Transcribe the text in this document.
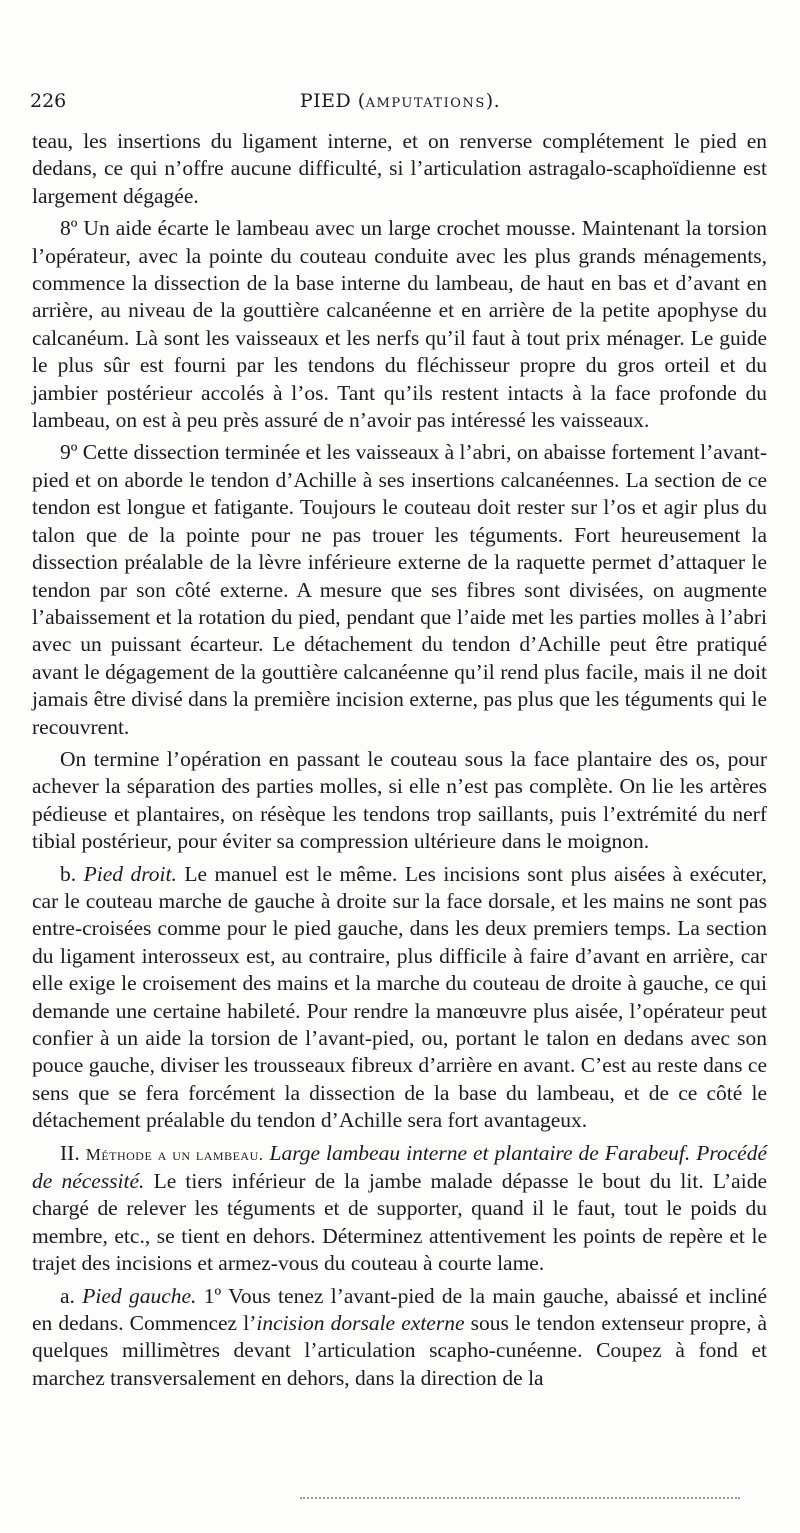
226	PIED (AMPUTATIONS).

teau, les insertions du ligament interne, et on renverse complétement le pied en dedans, ce qui n’offre aucune difficulté, si l’articulation astragalo-scaphoïdienne est largement dégagée.

8º Un aide écarte le lambeau avec un large crochet mousse. Maintenant la torsion l’opérateur, avec la pointe du couteau conduite avec les plus grands ménagements, commence la dissection de la base interne du lambeau, de haut en bas et d’avant en arrière, au niveau de la gouttière calcanéenne et en arrière de la petite apophyse du calcanéum. Là sont les vaisseaux et les nerfs qu’il faut à tout prix ménager. Le guide le plus sûr est fourni par les tendons du fléchisseur propre du gros orteil et du jambier postérieur accolés à l’os. Tant qu’ils restent intacts à la face profonde du lambeau, on est à peu près assuré de n’avoir pas intéressé les vaisseaux.

9º Cette dissection terminée et les vaisseaux à l’abri, on abaisse fortement l’avant-pied et on aborde le tendon d’Achille à ses insertions calcanéennes. La section de ce tendon est longue et fatigante. Toujours le couteau doit rester sur l’os et agir plus du talon que de la pointe pour ne pas trouer les téguments. Fort heureusement la dissection préalable de la lèvre inférieure externe de la raquette permet d’attaquer le tendon par son côté externe. A mesure que ses fibres sont divisées, on augmente l’abaissement et la rotation du pied, pendant que l’aide met les parties molles à l’abri avec un puissant écarteur. Le détachement du tendon d’Achille peut être pratiqué avant le dégagement de la gouttière calcanéenne qu’il rend plus facile, mais il ne doit jamais être divisé dans la première incision externe, pas plus que les téguments qui le recouvrent.

On termine l’opération en passant le couteau sous la face plantaire des os, pour achever la séparation des parties molles, si elle n’est pas complète. On lie les artères pédieuse et plantaires, on résèque les tendons trop saillants, puis l’extrémité du nerf tibial postérieur, pour éviter sa compression ultérieure dans le moignon.

b. Pied droit. Le manuel est le même. Les incisions sont plus aisées à exécuter, car le couteau marche de gauche à droite sur la face dorsale, et les mains ne sont pas entre-croisées comme pour le pied gauche, dans les deux premiers temps. La section du ligament interosseux est, au contraire, plus difficile à faire d’avant en arrière, car elle exige le croisement des mains et la marche du couteau de droite à gauche, ce qui demande une certaine habileté. Pour rendre la manœuvre plus aisée, l’opérateur peut confier à un aide la torsion de l’avant-pied, ou, portant le talon en dedans avec son pouce gauche, diviser les trousseaux fibreux d’arrière en avant. C’est au reste dans ce sens que se fera forcément la dissection de la base du lambeau, et de ce côté le détachement préalable du tendon d’Achille sera fort avantageux.

II. Méthode a un lambeau. Large lambeau interne et plantaire de Farabeuf. Procédé de nécessité. Le tiers inférieur de la jambe malade dépasse le bout du lit. L’aide chargé de relever les téguments et de supporter, quand il le faut, tout le poids du membre, etc., se tient en dehors. Déterminez attentivement les points de repère et le trajet des incisions et armez-vous du couteau à courte lame.

a. Pied gauche. 1º Vous tenez l’avant-pied de la main gauche, abaissé et incliné en dedans. Commencez l’incision dorsale externe sous le tendon extenseur propre, à quelques millimètres devant l’articulation scapho-cunéenne. Coupez à fond et marchez transversalement en dehors, dans la direction de la
